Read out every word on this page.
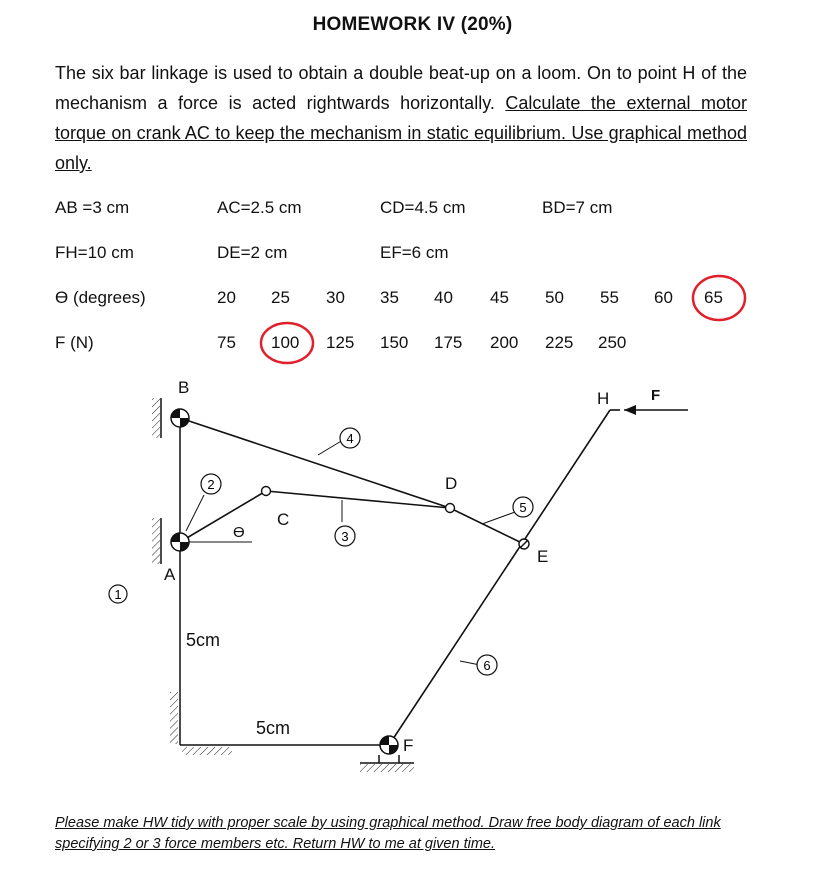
HOMEWORK IV (20%)
The six bar linkage is used to obtain a double beat-up on a loom. On to point H of the mechanism a force is acted rightwards horizontally. Calculate the external motor torque on crank AC to keep the mechanism in static equilibrium. Use graphical method only.
AB =3 cm	AC=2.5 cm	CD=4.5 cm	BD=7 cm
FH=10 cm	DE=2 cm	EF=6 cm
ϴ (degrees)	20 25 30 35 40 45 50 55 60 65
F (N)	75 100 125 150 175 200 225 250
1
2
3
4
5
6
B
A
C
D
E
F
H	F
ϴ
5cm
5cm
Please make HW tidy with proper scale by using graphical method. Draw free body diagram of each link specifying 2 or 3 force members etc. Return HW to me at given time.
